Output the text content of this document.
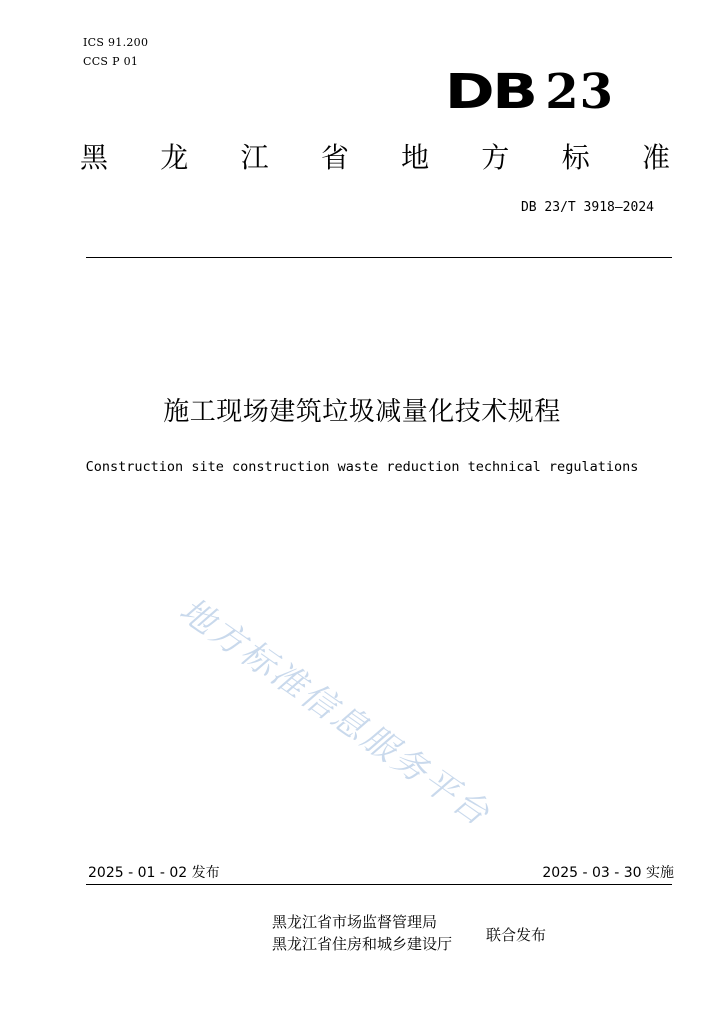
ICS 91.200
CCS P 01
DB 23
黑 龙 江 省 地 方 标 准
DB 23/T 3918—2024
施工现场建筑垃圾减量化技术规程
Construction site construction waste reduction technical regulations
地方标准信息服务平台
2025 - 01 - 02 发布	2025 - 03 - 30 实施
黑龙江省市场监督管理局
黑龙江省住房和城乡建设厅 联合发布
